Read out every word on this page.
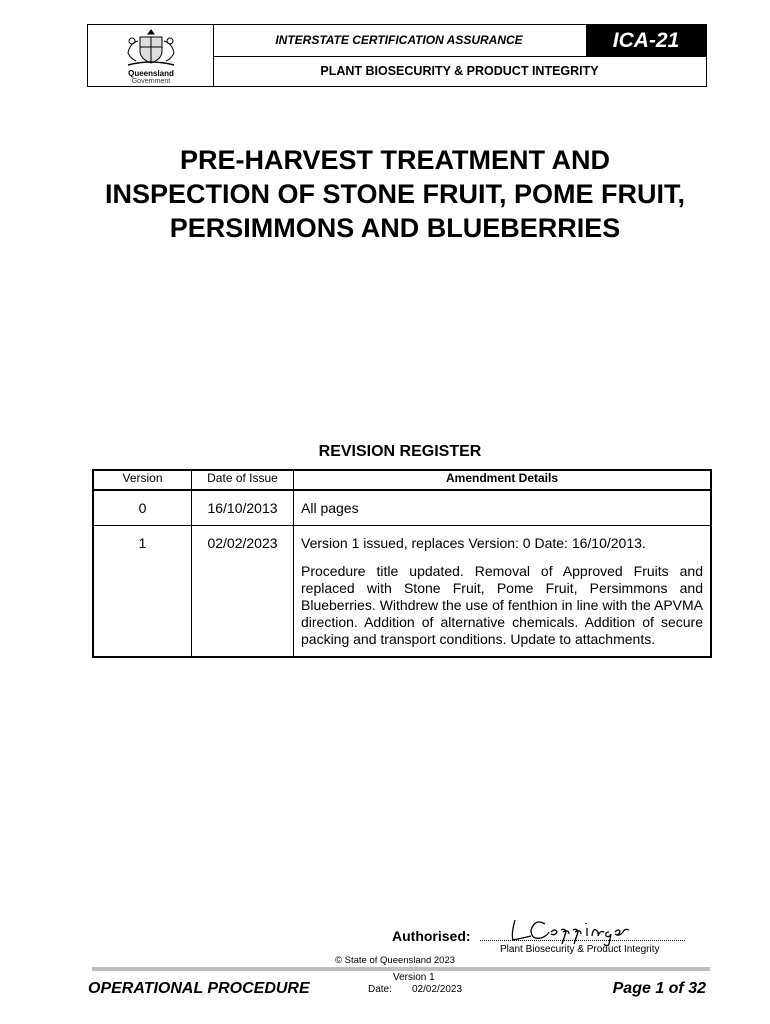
Queensland
Government
INTERSTATE CERTIFICATION ASSURANCE	ICA-21
PLANT BIOSECURITY & PRODUCT INTEGRITY
PRE-HARVEST TREATMENT AND INSPECTION OF STONE FRUIT, POME FRUIT, PERSIMMONS AND BLUEBERRIES
REVISION REGISTER
Version	Date of Issue	Amendment Details
0	16/10/2013	All pages

1	02/02/2023	Version 1 issued, replaces Version: 0 Date: 16/10/2013.

Procedure title updated. Removal of Approved Fruits and replaced with Stone Fruit, Pome Fruit, Persimmons and Blueberries. Withdrew the use of fenthion in line with the APVMA direction. Addition of alternative chemicals. Addition of secure packing and transport conditions. Update to attachments.

Authorised:
Plant Biosecurity & Product Integrity
© State of Queensland 2023
OPERATIONAL PROCEDURE
Version 1
Date: 02/02/2023	Page 1 of 32
